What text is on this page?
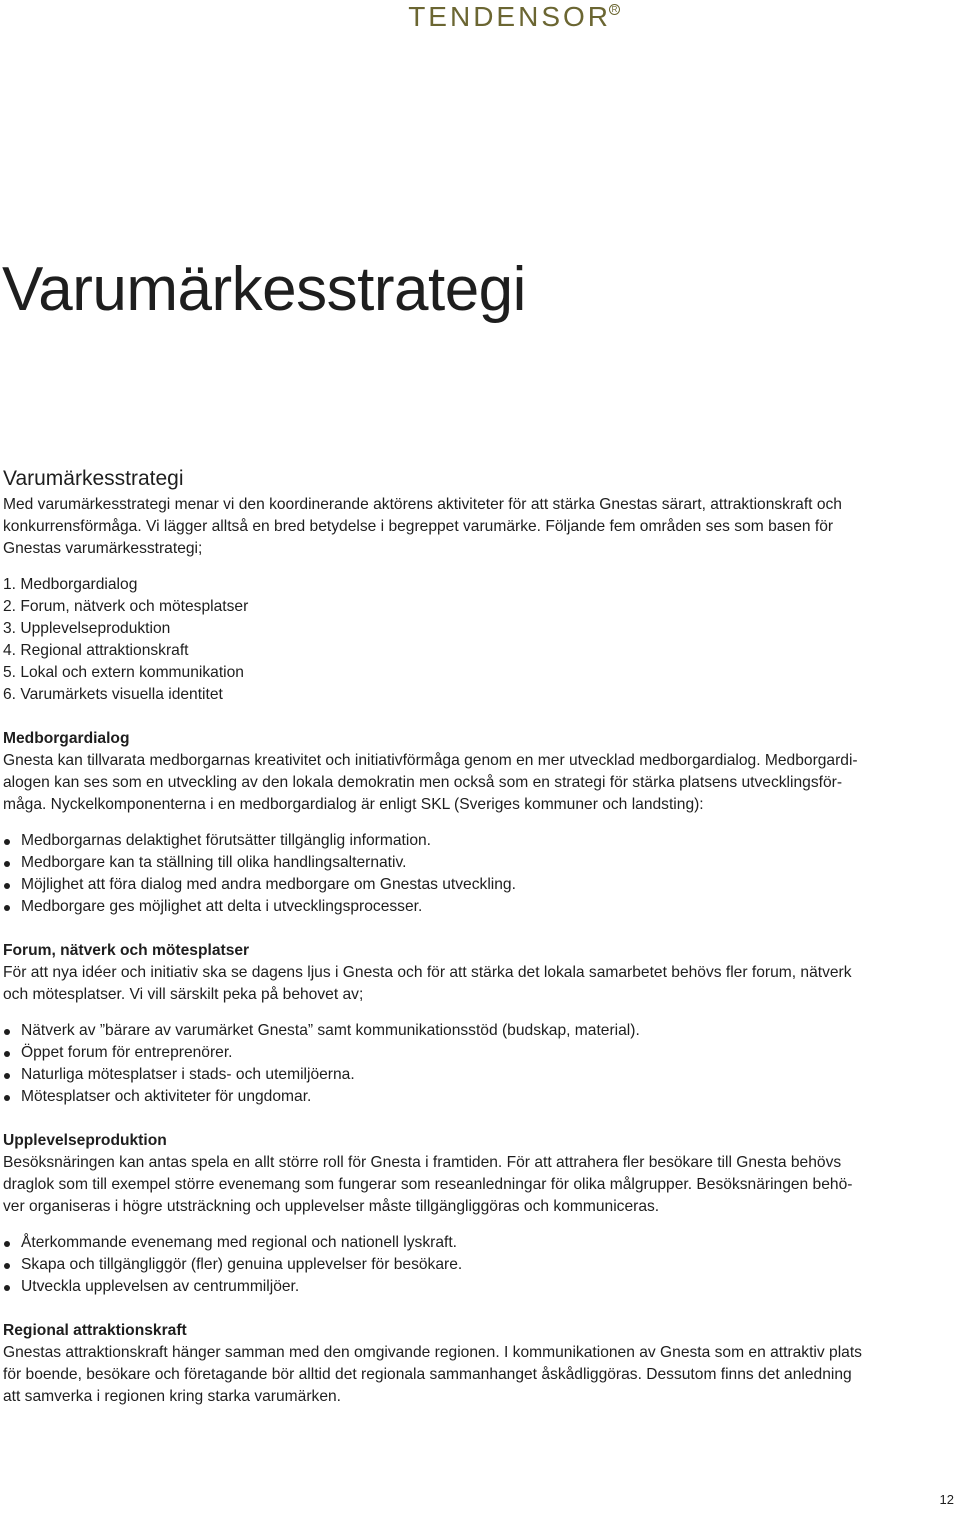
$TENDENSOR^R$
Varumärkesstrategi
Varumärkesstrategi

Med varumärkesstrategi menar vi den koordinerande aktörens aktiviteter för att stärka Gnestas särart, attraktionskraft och
konkurrensförmåga. Vi lägger alltså en bred betydelse i begreppet varumärke. Följande fem områden ses som basen för
Gnestas varumärkesstrategi;

1. Medborgardialog
2. Forum, nätverk och mötesplatser
3. Upplevelseproduktion
4. Regional attraktionskraft
5. Lokal och extern kommunikation
6. Varumärkets visuella identitet

Medborgardialog

Gnesta kan tillvarata medborgarnas kreativitet och initiativförmåga genom en mer utvecklad medborgardialog. Medborgardi-
alogen kan ses som en utveckling av den lokala demokratin men också som en strategi för stärka platsens utvecklingsför-
måga. Nyckelkomponenterna i en medborgardialog är enligt SKL (Sveriges kommuner och landsting):

Medborgarnas delaktighet förutsätter tillgänglig information.
Medborgare kan ta ställning till olika handlingsalternativ.
Möjlighet att föra dialog med andra medborgare om Gnestas utveckling.
Medborgare ges möjlighet att delta i utvecklingsprocesser.

Forum, nätverk och mötesplatser

För att nya idéer och initiativ ska se dagens ljus i Gnesta och för att stärka det lokala samarbetet behövs fler forum, nätverk
och mötesplatser. Vi vill särskilt peka på behovet av;

Nätverk av ”bärare av varumärket Gnesta” samt kommunikationsstöd (budskap, material).
Öppet forum för entreprenörer.
Naturliga mötesplatser i stads- och utemiljöerna.
Mötesplatser och aktiviteter för ungdomar.

Upplevelseproduktion

Besöksnäringen kan antas spela en allt större roll för Gnesta i framtiden. För att attrahera fler besökare till Gnesta behövs
draglok som till exempel större evenemang som fungerar som reseanledningar för olika målgrupper. Besöksnäringen behö-
ver organiseras i högre utsträckning och upplevelser måste tillgängliggöras och kommuniceras.

Återkommande evenemang med regional och nationell lyskraft.
Skapa och tillgängliggör (fler) genuina upplevelser för besökare.
Utveckla upplevelsen av centrummiljöer.

Regional attraktionskraft

Gnestas attraktionskraft hänger samman med den omgivande regionen. I kommunikationen av Gnesta som en attraktiv plats
för boende, besökare och företagande bör alltid det regionala sammanhanget åskådliggöras. Dessutom finns det anledning
att samverka i regionen kring starka varumärken.

12
